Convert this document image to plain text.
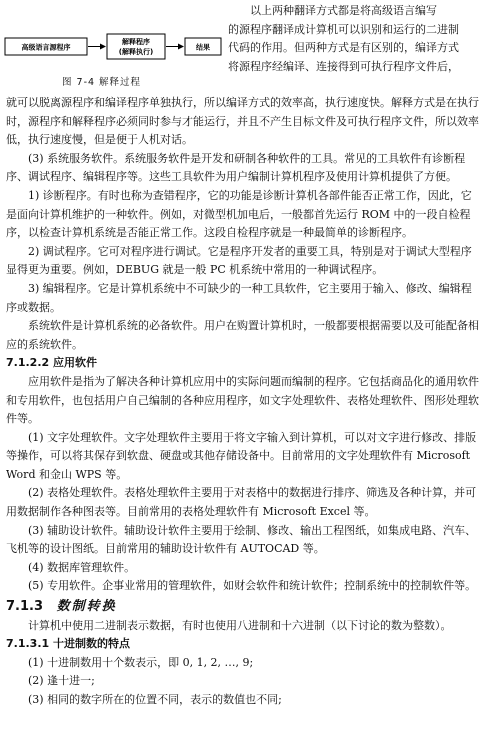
高级语言源程序
解释程序
(解释执行)
结果
图 7-4 解释过程

以上两种翻译方式都是将高级语言编写

的源程序翻译成计算机可以识别和运行的二进制

代码的作用。但两种方式是有区别的，编译方式

将源程序经编译、连接得到可执行程序文件后，

就可以脱离源程序和编译程序单独执行，所以编译方式的效率高，执行速度快。解释方式是在执行时，源程序和解释程序必须同时参与才能运行，并且不产生目标文件及可执行程序文件，所以效率低，执行速度慢，但是便于人机对话。

(3) 系统服务软件。系统服务软件是开发和研制各种软件的工具。常见的工具软件有诊断程序、调试程序、编辑程序等。这些工具软件为用户编制计算机程序及使用计算机提供了方便。

1) 诊断程序。有时也称为查错程序，它的功能是诊断计算机各部件能否正常工作，因此，它是面向计算机维护的一种软件。例如，对微型机加电后，一般都首先运行 ROM 中的一段自检程序，以检查计算机系统是否能正常工作。这段自检程序就是一种最简单的诊断程序。

2) 调试程序。它可对程序进行调试。它是程序开发者的重要工具，特别是对于调试大型程序显得更为重要。例如，DEBUG 就是一般 PC 机系统中常用的一种调试程序。

3) 编辑程序。它是计算机系统中不可缺少的一种工具软件，它主要用于输入、修改、编辑程序或数据。

系统软件是计算机系统的必备软件。用户在购置计算机时，一般都要根据需要以及可能配备相应的系统软件。

7.1.2.2 应用软件

应用软件是指为了解决各种计算机应用中的实际问题而编制的程序。它包括商品化的通用软件和专用软件，也包括用户自己编制的各种应用程序，如文字处理软件、表格处理软件、图形处理软件等。

(1) 文字处理软件。文字处理软件主要用于将文字输入到计算机，可以对文字进行修改、排版等操作，可以将其保存到软盘、硬盘或其他存储设备中。目前常用的文字处理软件有 Microsoft Word 和金山 WPS 等。

(2) 表格处理软件。表格处理软件主要用于对表格中的数据进行排序、筛选及各种计算，并可用数据制作各种图表等。目前常用的表格处理软件有 Microsoft Excel 等。

(3) 辅助设计软件。辅助设计软件主要用于绘制、修改、输出工程图纸，如集成电路、汽车、飞机等的设计图纸。目前常用的辅助设计软件有 AUTOCAD 等。

(4) 数据库管理软件。

(5) 专用软件。企事业常用的管理软件，如财会软件和统计软件；控制系统中的控制软件等。

7.1.3 数制转换

计算机中使用二进制表示数据，有时也使用八进制和十六进制（以下讨论的数为整数）。

7.1.3.1 十进制数的特点

(1) 十进制数用十个数表示，即 0, 1, 2, …, 9;

(2) 逢十进一;

(3) 相同的数字所在的位置不同，表示的数值也不同;
